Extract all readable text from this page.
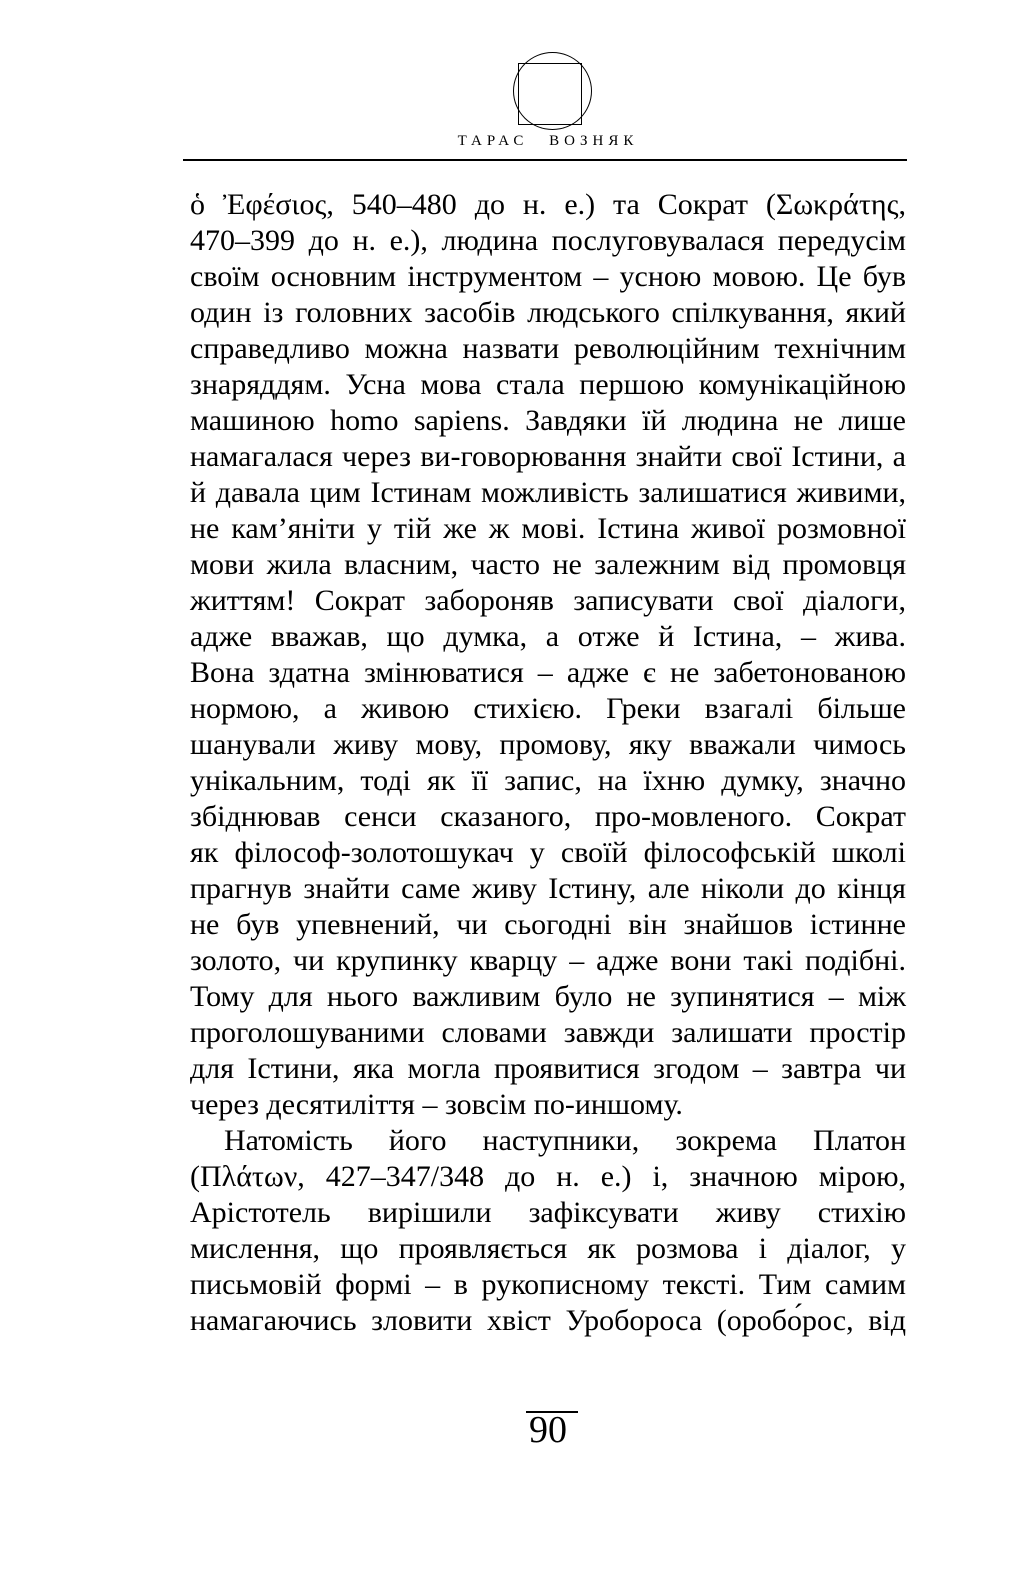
ТАРАС ВОЗНЯК
ὁ Ἐφέσιος, 540–480 до н. е.) та Сократ (Σωκράτης,
470–399 до н. е.), людина послуговувалася передусім
своїм основним інструментом – усною мовою. Це був
один із головних засобів людського спілкування, який
справедливо можна назвати революційним технічним
знаряддям. Усна мова стала першою комунікаційною
машиною homo sapiens. Завдяки їй людина не лише
намагалася через ви-говорювання знайти свої Істини, а
й давала цим Істинам можливість залишатися живими,
не кам’яніти у тій же ж мові. Істина живої розмовної
мови жила власним, часто не залежним від промовця
життям! Сократ забороняв записувати свої діалоги,
адже вважав, що думка, а отже й Істина, – жива.
Вона здатна змінюватися – адже є не забетонованою
нормою, а живою стихією. Греки взагалі більше
шанували живу мову, промову, яку вважали чимось
унікальним, тоді як її запис, на їхню думку, значно
збіднював сенси сказаного, про-мовленого. Сократ
як філософ-золотошукач у своїй філософській школі
прагнув знайти саме живу Істину, але ніколи до кінця
не був упевнений, чи сьогодні він знайшов істинне
золото, чи крупинку кварцу – адже вони такі подібні.
Тому для нього важливим було не зупинятися – між
проголошуваними словами завжди залишати простір
для Істини, яка могла проявитися згодом – завтра чи
через десятиліття – зовсім по-иншому.
Натомість його наступники, зокрема Платон
(Πλάτων, 427–347/348 до н. е.) і, значною мірою,
Арістотель вирішили зафіксувати живу стихію
мислення, що проявляється як розмова і діалог, у
письмовій формі – в рукописному тексті. Тим самим
намагаючись зловити хвіст Уробороса (оробо́рос, від
90
